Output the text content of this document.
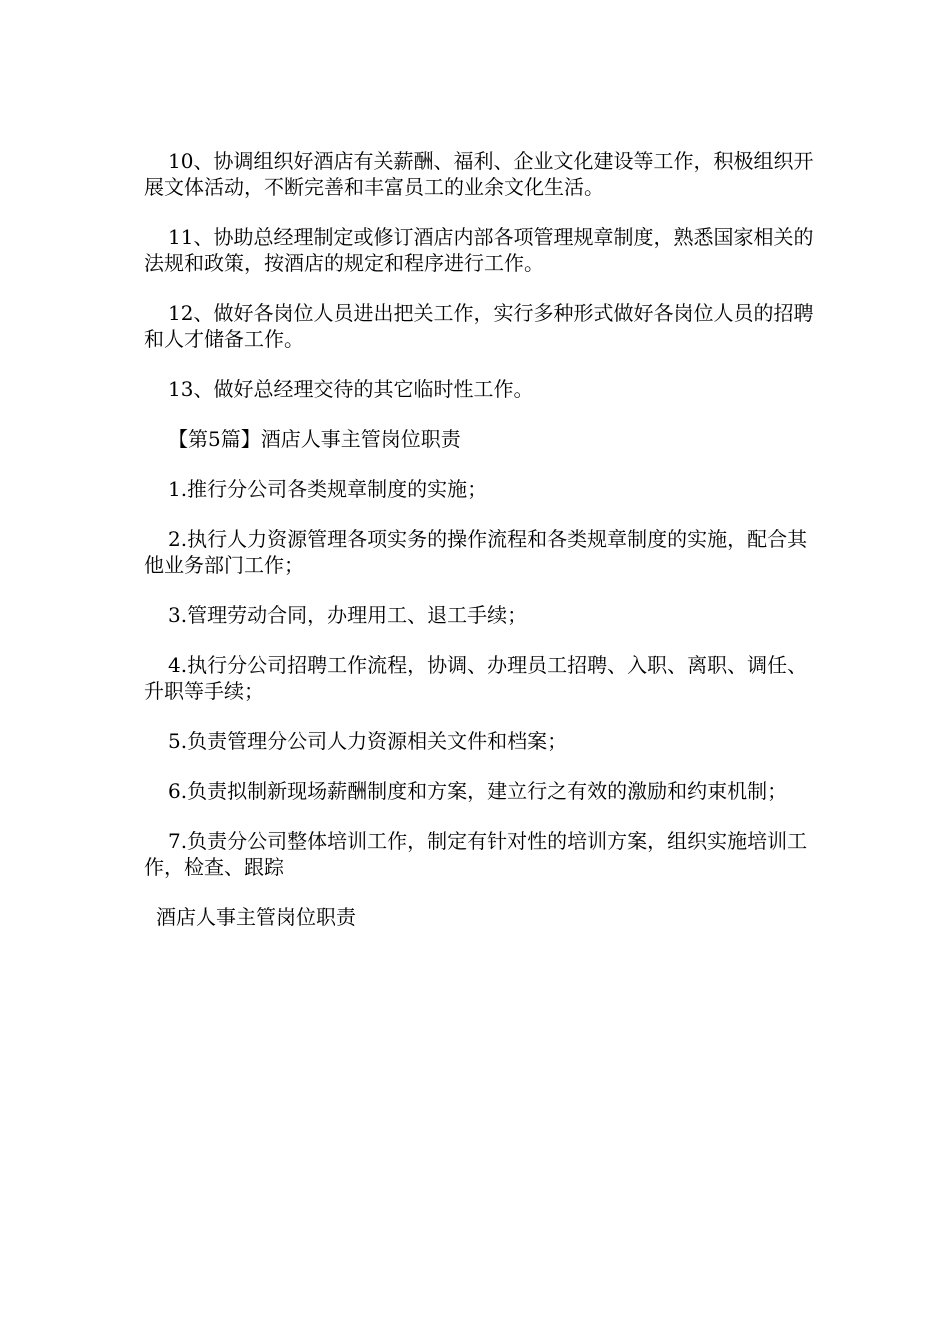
10、协调组织好酒店有关薪酬、福利、企业文化建设等工作，积极组织开展文体活动，不断完善和丰富员工的业余文化生活。

11、协助总经理制定或修订酒店内部各项管理规章制度，熟悉国家相关的法规和政策，按酒店的规定和程序进行工作。

12、做好各岗位人员进出把关工作，实行多种形式做好各岗位人员的招聘和人才储备工作。

13、做好总经理交待的其它临时性工作。

【第5篇】酒店人事主管岗位职责

1.推行分公司各类规章制度的实施；

2.执行人力资源管理各项实务的操作流程和各类规章制度的实施，配合其他业务部门工作；

3.管理劳动合同，办理用工、退工手续；

4.执行分公司招聘工作流程，协调、办理员工招聘、入职、离职、调任、升职等手续；

5.负责管理分公司人力资源相关文件和档案；

6.负责拟制新现场薪酬制度和方案，建立行之有效的激励和约束机制；

7.负责分公司整体培训工作，制定有针对性的培训方案，组织实施培训工作，检查、跟踪

酒店人事主管岗位职责
